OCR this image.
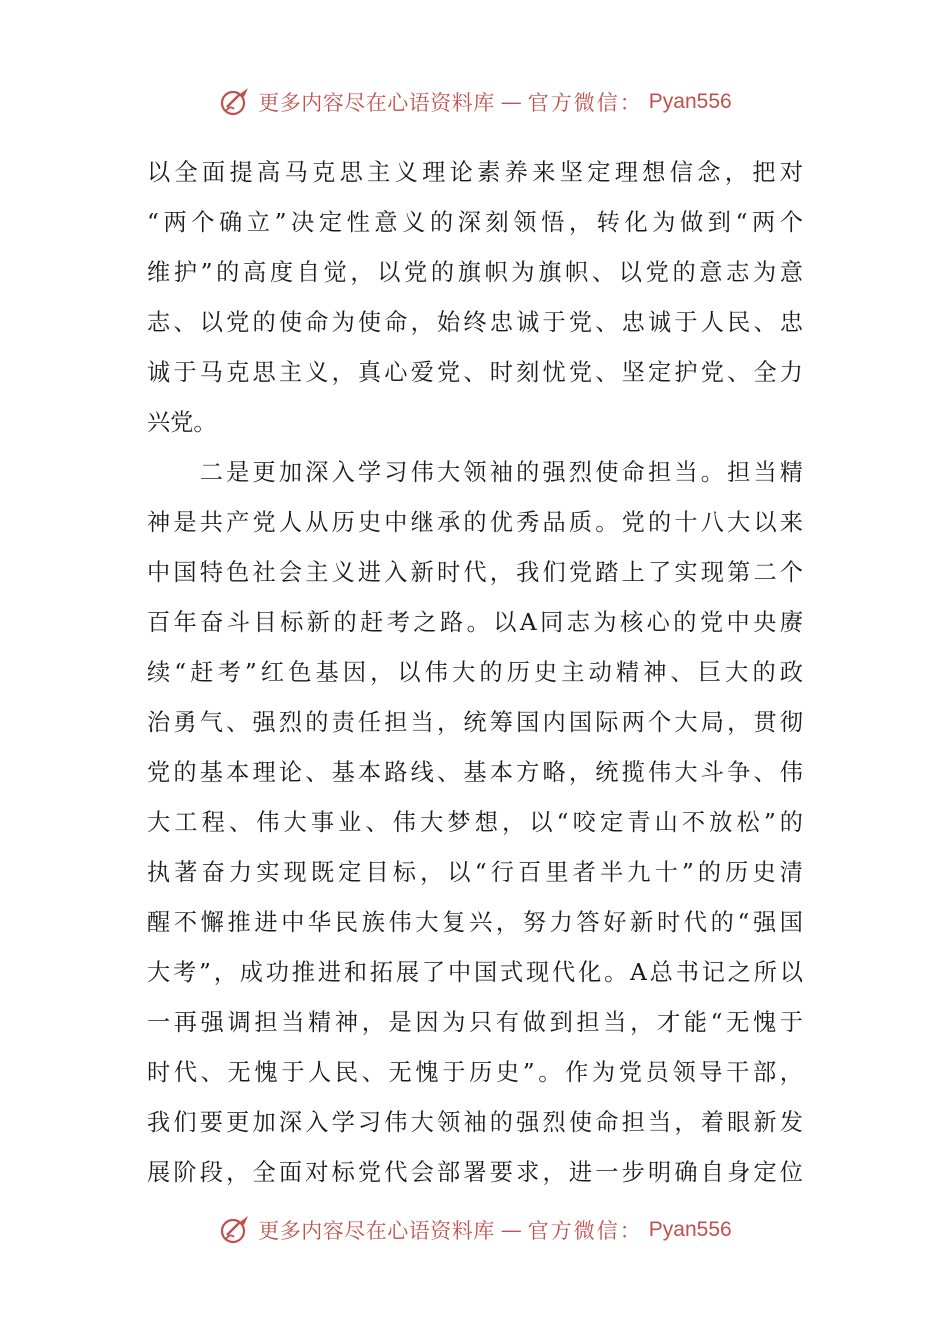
更多内容尽在心语资料库 — 官方微信： Pyan556
以全面提高马克思主义理论素养来坚定理想信念，把对
“两个确立”决定性意义的深刻领悟，转化为做到“两个
维护”的高度自觉，以党的旗帜为旗帜、以党的意志为意
志、以党的使命为使命，始终忠诚于党、忠诚于人民、忠
诚于马克思主义，真心爱党、时刻忧党、坚定护党、全力
兴党。
　　二是更加深入学习伟大领袖的强烈使命担当。担当精
神是共产党人从历史中继承的优秀品质。党的十八大以来
中国特色社会主义进入新时代，我们党踏上了实现第二个
百年奋斗目标新的赶考之路。以A同志为核心的党中央赓
续“赶考”红色基因，以伟大的历史主动精神、巨大的政
治勇气、强烈的责任担当，统筹国内国际两个大局，贯彻
党的基本理论、基本路线、基本方略，统揽伟大斗争、伟
大工程、伟大事业、伟大梦想，以“咬定青山不放松”的
执著奋力实现既定目标，以“行百里者半九十”的历史清
醒不懈推进中华民族伟大复兴，努力答好新时代的“强国
大考”，成功推进和拓展了中国式现代化。A总书记之所以
一再强调担当精神，是因为只有做到担当，才能“无愧于
时代、无愧于人民、无愧于历史”。作为党员领导干部，
我们要更加深入学习伟大领袖的强烈使命担当，着眼新发
展阶段，全面对标党代会部署要求，进一步明确自身定位
更多内容尽在心语资料库 — 官方微信： Pyan556
